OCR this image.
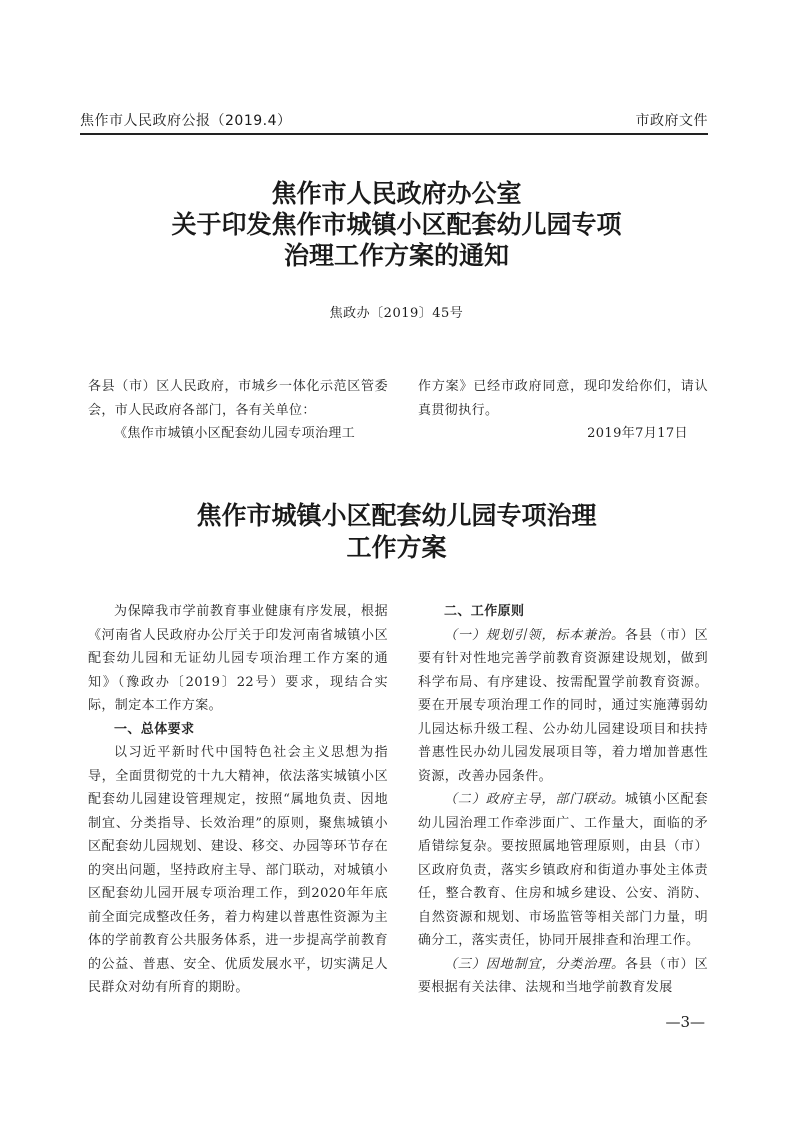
焦作市人民政府公报（2019.4）	市政府文件
焦作市人民政府办公室
关于印发焦作市城镇小区配套幼儿园专项
治理工作方案的通知
焦政办〔2019〕45号

各县（市）区人民政府，市城乡一体化示范区管委会，市人民政府各部门，各有关单位：

《焦作市城镇小区配套幼儿园专项治理工

作方案》已经市政府同意，现印发给你们，请认真贯彻执行。

2019年7月17日

焦作市城镇小区配套幼儿园专项治理
工作方案

为保障我市学前教育事业健康有序发展，根据《河南省人民政府办公厅关于印发河南省城镇小区配套幼儿园和无证幼儿园专项治理工作方案的通知》（豫政办〔2019〕22号）要求，现结合实际，制定本工作方案。

一、总体要求

以习近平新时代中国特色社会主义思想为指导，全面贯彻党的十九大精神，依法落实城镇小区配套幼儿园建设管理规定，按照“属地负责、因地制宜、分类指导、长效治理”的原则，聚焦城镇小区配套幼儿园规划、建设、移交、办园等环节存在的突出问题，坚持政府主导、部门联动，对城镇小区配套幼儿园开展专项治理工作，到2020年年底前全面完成整改任务，着力构建以普惠性资源为主体的学前教育公共服务体系，进一步提高学前教育的公益、普惠、安全、优质发展水平，切实满足人民群众对幼有所育的期盼。

二、工作原则

（一）规划引领，标本兼治。各县（市）区要有针对性地完善学前教育资源建设规划，做到科学布局、有序建设、按需配置学前教育资源。要在开展专项治理工作的同时，通过实施薄弱幼儿园达标升级工程、公办幼儿园建设项目和扶持普惠性民办幼儿园发展项目等，着力增加普惠性资源，改善办园条件。

（二）政府主导，部门联动。城镇小区配套幼儿园治理工作牵涉面广、工作量大，面临的矛盾错综复杂。要按照属地管理原则，由县（市）区政府负责，落实乡镇政府和街道办事处主体责任，整合教育、住房和城乡建设、公安、消防、自然资源和规划、市场监管等相关部门力量，明确分工，落实责任，协同开展排查和治理工作。

（三）因地制宜，分类治理。各县（市）区要根据有关法律、法规和当地学前教育发展

—3—
